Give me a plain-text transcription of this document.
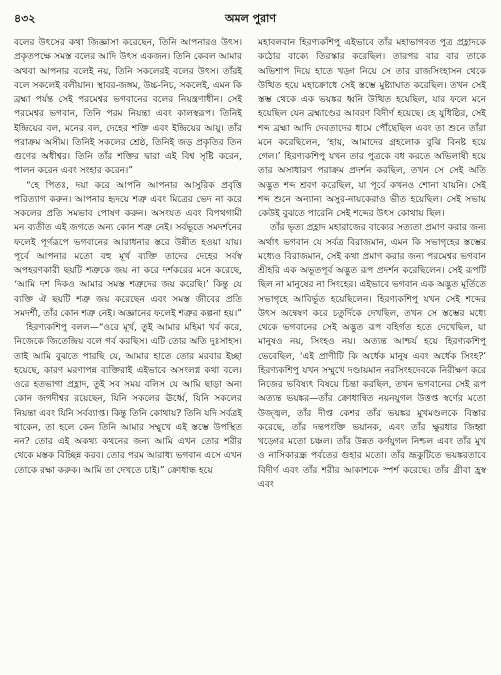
৪৩২	অমল পুরাণ

বলের উৎসের কথা জিজ্ঞাসা করেছেন, তিনি আপনারও উৎস। প্রকৃতপক্ষে সমস্ত বলের আদি উৎস একজন। তিনি কেবল আমার অথবা আপনার বলেই নয়, তিনি সকলেরই বলের উৎস। তাঁরই বলে সকলেই বলীয়ান। স্থাবর-জঙ্গম, উচ্চ-নিচ, সকলেই, এমন কি ব্রহ্মা পর্যন্ত সেই পরমেশ্বর ভগবানের বলের নিয়ন্ত্রণাধীন। সেই পরমেশ্বর ভগবান, তিনি পরম নিয়ন্তা এবং কালস্বরূপ। তিনিই ইন্দ্রিয়ের বল, মনের বল, দেহের শক্তি এবং ইন্দ্রিয়ের আয়ু। তাঁর পরাক্রম অসীম। তিনিই সকলের শ্রেষ্ঠ, তিনিই জড় প্রকৃতির তিন গুণের অধীশ্বর। তিনি তাঁর শক্তির দ্বারা এই বিশ্ব সৃষ্টি করেন, পালন করেন এবং সংহার করেন।”

“হে পিতঃ, দয়া করে আপনি আপনার আসুরিক প্রবৃত্তি পরিত্যাগ করুন। আপনার হৃদয়ে শত্রু এবং মিত্রের ভেদ না করে সকলের প্রতি সমভাব পোষণ করুন। অসংযত এবং বিপথগামী মন ব্যতীত এই জগতে অন্য কোন শত্রু নেই। সর্বভূতে সমদর্শনের ফলেই পূর্ণরূপে ভগবানের আরাধনার স্তরে উন্নীত হওয়া যায়। পূর্বে আপনার মতো বহু মূর্খ ব্যক্তি তাদের দেহের সর্বস্ব অপহরণকারী ছয়টি শত্রুকে জয় না করে দর্শকরের মনে করেছে, ‘আমি দশ দিকও আমার সমস্ত শত্রুদের জয় করেছি।’ কিন্তু যে ব্যক্তি ঐ ছয়টি শত্রু জয় করেছেন এবং সমস্ত জীবের প্রতি সমদর্শী, তাঁর কোন শত্রু নেই। অজ্ঞানের ফলেই শত্রুর কল্পনা হয়।”

হিরণ্যকশিপু বলল—“ওরে মূর্খ, তুই আমার মহিমা খর্ব করে, নিজেকে জিতেন্দ্রিয় বলে গর্ব করছিস। এটি তোর অতি দুঃসাহস। তাই আমি বুঝতে পারছি যে, আমার হাতে তোর মরবার ইচ্ছা হয়েছে, কারণ মরণাপন্ন ব্যক্তিরাই এইভাবে অসংলগ্ন কথা বলে। ওরে হতভাগা প্রহ্লাদ, তুই সব সময় বলিস যে আমি ছাড়া অন্য কোন জগদীশ্বর রয়েছেন, যিনি সকলের ঊর্ধ্বে, যিনি সকলের নিয়ন্তা এবং যিনি সর্বব্যাপ্ত। কিন্তু তিনি কোথায়? তিনি যদি সর্বত্রই থাকেন, তা হলে কেন তিনি আমার সম্মুখে এই স্তম্ভে উপস্থিত নন? তোর এই অকথ্য কথনের জন্য আমি এখন তোর শরীর থেকে মস্তক বিচ্ছিন্ন করব। তোর পরম আরাধ্য ভগবান এসে এখন তোকে রক্ষা করুক। আমি তা দেখতে চাই।” ক্রোধান্ধ হয়ে

মহাবলবান হিরণ্যকশিপু এইভাবে তাঁর মহাভাগবত পুত্র প্রহ্লাদকে কঠোর বাক্যে তিরস্কার করেছিল। তারপর বার বার তাকে অভিশাপ দিয়ে হাতে খড়্গ নিয়ে সে তার রাজসিংহাসন থেকে উত্থিত হয়ে মহাক্রোধে সেই স্তম্ভে মুষ্ট্যাঘাত করেছিল। তখন সেই স্তম্ভ থেকে এক ভয়ঙ্কর ধ্বনি উত্থিত হয়েছিল, যার ফলে মনে হয়েছিল যেন ব্রহ্মাণ্ডের আবরণ বিদীর্ণ হয়েছে। হে যুধিষ্ঠির, সেই শব্দ ব্রহ্মা আদি দেবতাদের ধামে পৌঁছেছিল এবং তা শুনে তাঁরা মনে করেছিলেন, ‘হায়, আমাদের গ্রহলোক বুঝি বিনষ্ট হয়ে গেল।’ হিরণ্যকশিপু যখন তার পুত্রকে বধ করতে অভিলাষী হয়ে তার অসাধারণ পরাক্রম প্রদর্শন করছিল, তখন সে সেই অতি অদ্ভুত শব্দ শ্রবণ করেছিল, যা পূর্বে কখনও শোনা যায়নি। সেই শব্দ শুনে অন্যান্য অসুর-নায়কেরাও ভীত হয়েছিল। সেই সভায় কেউই বুঝতে পারেনি সেই শব্দের উৎস কোথায় ছিল।

তাঁর ভৃত্য প্রহ্লাদ মহারাজের বাক্যের সত্যতা প্রমাণ করার জন্য অর্থাৎ ভগবান যে সর্বত্র বিরাজমান, এমন কি সভাগৃহের স্তম্ভের মধ্যেও বিরাজমান, সেই কথা প্রমাণ করার জন্য পরমেশ্বর ভগবান শ্রীহরি এক অভূতপূর্ব অদ্ভুত রূপ প্রদর্শন করেছিলেন। সেই রূপটি ছিল না মানুষের না সিংহের। এইভাবে ভগবান এক অদ্ভুত মূর্তিতে সভাগৃহে আবির্ভূত হয়েছিলেন। হিরণ্যকশিপু যখন সেই শব্দের উৎস অন্বেষণ করে চতুর্দিকে দেখছিল, তখন সে স্তম্ভের মধ্যে থেকে ভগবানের সেই অদ্ভুত রূপ বহির্গত হতে দেখেছিল, যা মানুষও নয়, সিংহও নয়। অত্যন্ত আশ্চর্য হয়ে হিরণ্যকশিপু ভেবেছিল, ‘এই প্রাণীটি কি অর্ধেক মানুষ এবং অর্ধেক সিংহ?’ হিরণ্যকশিপু যখন সম্মুখে দণ্ডায়মান নরসিংহদেবকে নিরীক্ষণ করে নিজের ভবিষ্যৎ বিষয়ে চিন্তা করছিল, তখন ভগবানের সেই রূপ অত্যন্ত ভয়ঙ্কর—তাঁর ক্রোধান্বিত নয়নযুগল উত্তপ্ত স্বর্ণের মতো উজ্জ্বল, তাঁর দীপ্ত কেশর তাঁর ভয়ঙ্কর মুখমণ্ডলকে বিস্তার করেছে, তাঁর দন্তপংক্তি ভয়ানক, এবং তাঁর ক্ষুরধার জিহ্বা খড়্গের মতো চঞ্চল। তাঁর উন্নত কর্ণযুগল নিশ্চল এবং তাঁর মুখ ও নাসিকারন্ধ্র পর্বতের গুহার মতো। তাঁর ভ্রূকুটিতে ভয়ঙ্করতাবে বিদীর্ণ এবং তাঁর শরীর আকাশকে স্পর্শ করেছে। তাঁর গ্রীবা হ্রস্ব এবং
